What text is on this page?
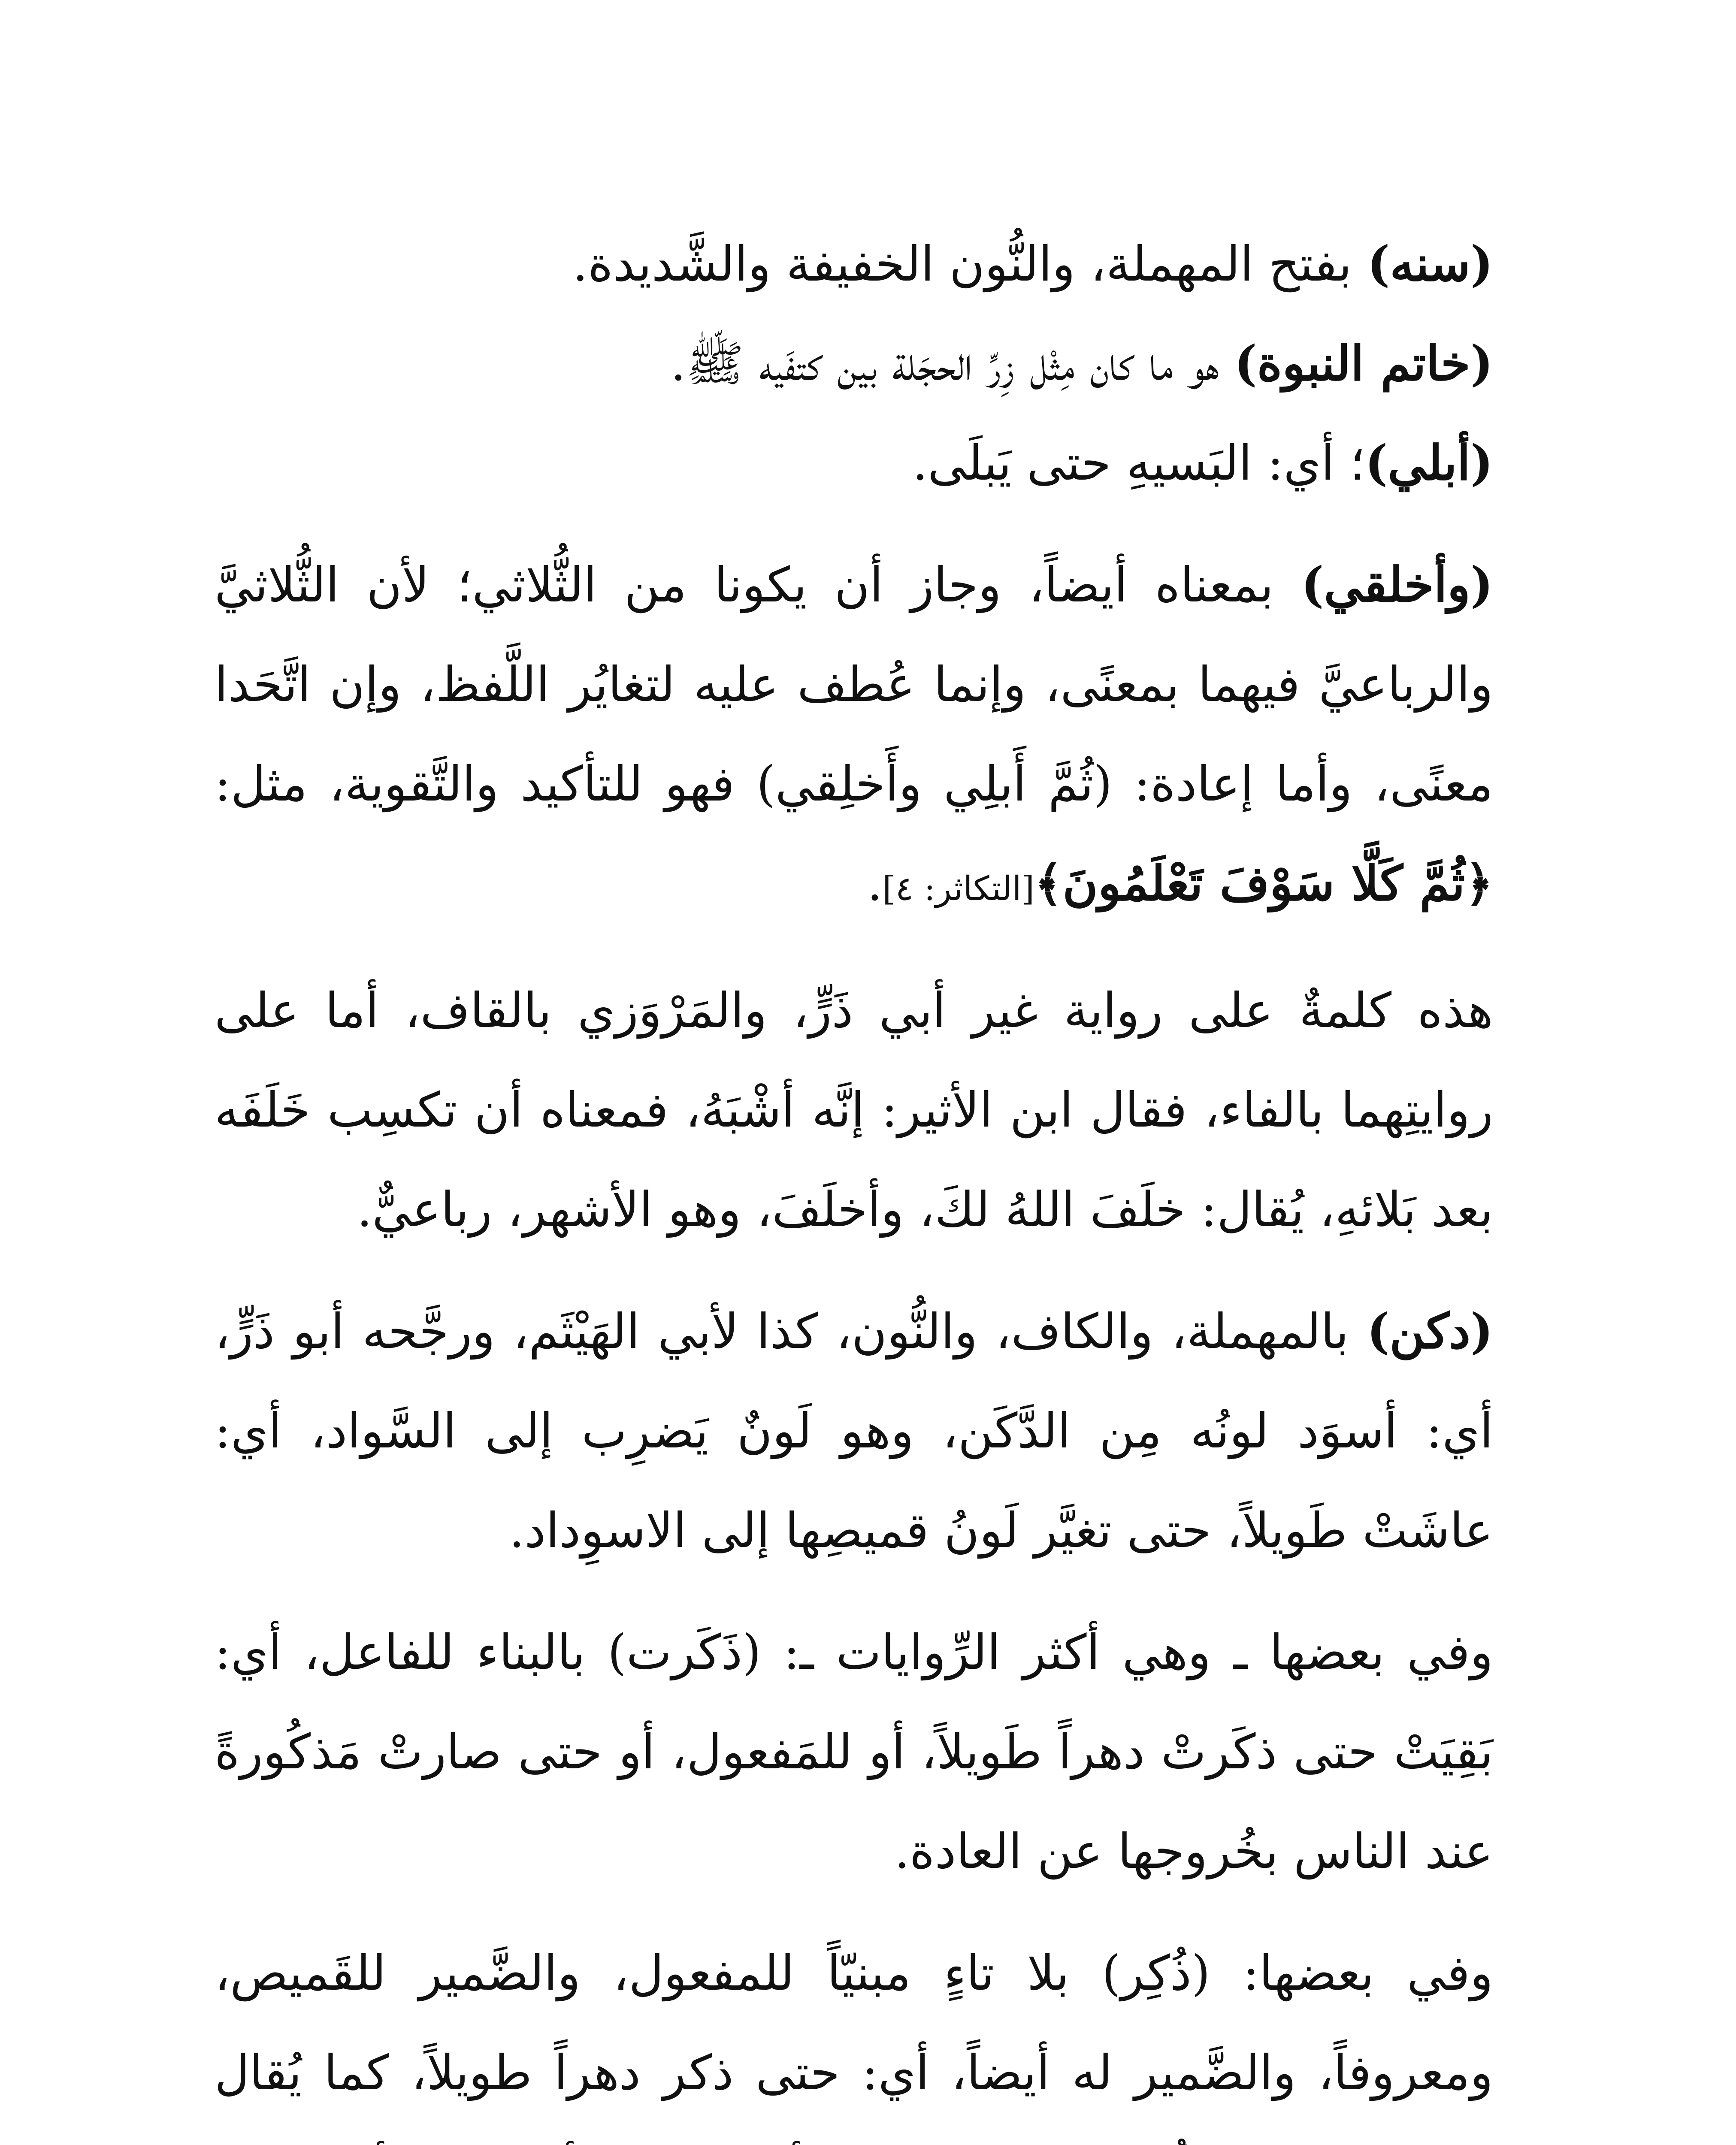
(سنه) بفتح المهملة، والنُّون الخفيفة والشَّديدة.

(خاتم النبوة) هو ما كان مِثْل زِرِّ الحجَلة بين كتفَيه ﷺ.

(أبلي)؛ أي: البَسيهِ حتى يَبلَى.

(وأخلقي) بمعناه أيضاً، وجاز أن يكونا من الثُّلاثي؛ لأن الثُّلاثيَّ والرباعيَّ فيهما بمعنًى، وإنما عُطف عليه لتغايُر اللَّفظ، وإن اتَّحَدا معنًى، وأما إعادة: (ثُمَّ أَبلِي وأَخلِقي) فهو للتأكيد والتَّقوية، مثل: ﴿ثُمَّ كَلَّا سَوْفَ تَعْلَمُونَ﴾[التكاثر: ٤].

هذه كلمةٌ على رواية غير أبي ذَرٍّ، والمَرْوَزي بالقاف، أما على روايتِهما بالفاء، فقال ابن الأثير: إنَّه أشْبَهُ، فمعناه أن تكسِب خَلَفَه بعد بَلائهِ، يُقال: خلَفَ اللهُ لكَ، وأخلَفَ، وهو الأشهر، رباعيٌّ.

(دكن) بالمهملة، والكاف، والنُّون، كذا لأبي الهَيْثَم، ورجَّحه أبو ذَرٍّ، أي: أسوَد لونُه مِن الدَّكَن، وهو لَونٌ يَضرِب إلى السَّواد، أي: عاشَتْ طَويلاً، حتى تغيَّر لَونُ قميصِها إلى الاسوِداد.

وفي بعضها ـ وهي أكثر الرِّوايات ـ: (ذَكَرت) بالبناء للفاعل، أي: بَقِيَتْ حتى ذكَرتْ دهراً طَويلاً، أو للمَفعول، أو حتى صارتْ مَذكُورةً عند الناس بخُروجها عن العادة.

وفي بعضها: (ذُكِر) بلا تاءٍ مبنيّاً للمفعول، والضَّمير للقَميص، ومعروفاً، والضَّمير له أيضاً، أي: حتى ذكر دهراً طويلاً، كما يُقال
